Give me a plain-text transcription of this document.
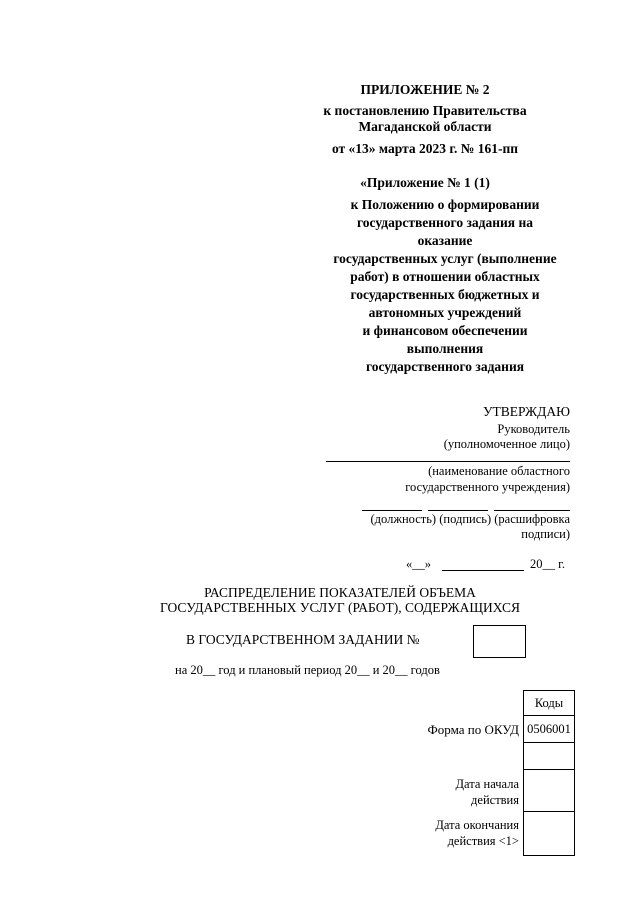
ПРИЛОЖЕНИЕ № 2
к постановлению Правительства
Магаданской области
от «13» марта 2023 г. № 161-пп
«Приложение № 1 (1)
к Положению о формировании
государственного задания на
оказание
государственных услуг (выполнение
работ) в отношении областных
государственных бюджетных и
автономных учреждений
и финансовом обеспечении
выполнения
государственного задания
УТВЕРЖДАЮ
Руководитель
(уполномоченное лицо)
(наименование областного
государственного учреждения)
(должность) (подпись) (расшифровка
подписи)
«__»	20__ г.
РАСПРЕДЕЛЕНИЕ ПОКАЗАТЕЛЕЙ ОБЪЕМА
ГОСУДАРСТВЕННЫХ УСЛУГ (РАБОТ), СОДЕРЖАЩИХСЯ
В ГОСУДАРСТВЕННОМ ЗАДАНИИ №
на 20__ год и плановый период 20__ и 20__ годов
Коды
0506001
Форма по ОКУД
Дата начала
действия
Дата окончания
действия <1>
